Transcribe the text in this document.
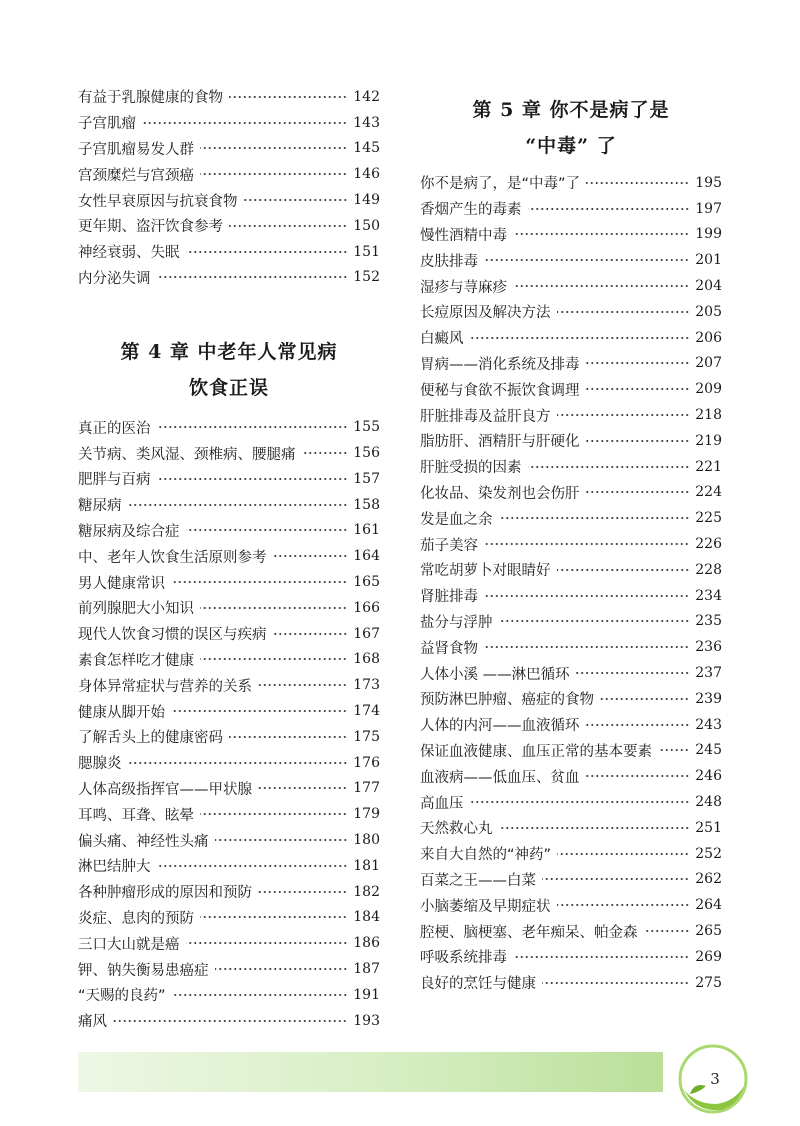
有益于乳腺健康的食物	142
子宫肌瘤	143
子宫肌瘤易发人群	145
宫颈糜烂与宫颈癌	146
女性早衰原因与抗衰食物	149
更年期、盗汗饮食参考	150
神经衰弱、失眠	151
内分泌失调	152
第 4 章 中老年人常见病
饮食正误
真正的医治	155
关节病、类风湿、颈椎病、腰腿痛	156
肥胖与百病	157
糖尿病	158
糖尿病及综合症	161
中、老年人饮食生活原则参考	164
男人健康常识	165
前列腺肥大小知识	166
现代人饮食习惯的误区与疾病	167
素食怎样吃才健康	168
身体异常症状与营养的关系	173
健康从脚开始	174
了解舌头上的健康密码	175
腮腺炎	176
人体高级指挥官——甲状腺	177
耳鸣、耳聋、眩晕	179
偏头痛、神经性头痛	180
淋巴结肿大	181
各种肿瘤形成的原因和预防	182
炎症、息肉的预防	184
三口大山就是癌	186
钾、钠失衡易患癌症	187
“天赐的良药”	191
痛风	193
第 5 章 你不是病了是
“中毒” 了
你不是病了，是“中毒”了	195
香烟产生的毒素	197
慢性酒精中毒	199
皮肤排毒	201
湿疹与荨麻疹	204
长痘原因及解决方法	205
白癜风	206
胃病——消化系统及排毒	207
便秘与食欲不振饮食调理	209
肝脏排毒及益肝良方	218
脂肪肝、酒精肝与肝硬化	219
肝脏受损的因素	221
化妆品、染发剂也会伤肝	224
发是血之余	225
茄子美容	226
常吃胡萝卜对眼睛好	228
肾脏排毒	234
盐分与浮肿	235
益肾食物	236
人体小溪 ——淋巴循环	237
预防淋巴肿瘤、癌症的食物	239
人体的内河——血液循环	243
保证血液健康、血压正常的基本要素	245
血液病——低血压、贫血	246
高血压	248
天然救心丸	251
来自大自然的“神药”	252
百菜之王——白菜	262
小脑萎缩及早期症状	264
腔梗、脑梗塞、老年痴呆、帕金森	265
呼吸系统排毒	269
良好的烹饪与健康	275
3
